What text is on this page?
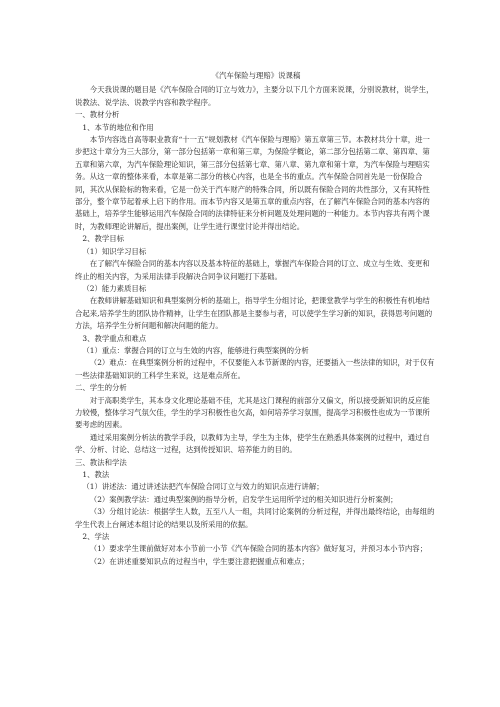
《汽车保险与理赔》说课稿

今天我说课的题目是《汽车保险合同的订立与效力》，主要分以下几个方面来说课，分别说教材，说学生，说教法、说学法、说教学内容和教学程序。

一、教材分析

1、本节的地位和作用

本节内容选自高等职业教育“十一五”规划教材《汽车保险与理赔》第五章第三节。本教材共分十章，进一步把这十章分为三大部分，第一部分包括第一章和第三章，为保险学概论，第二部分包括第二章、第四章、第五章和第六章，为汽车保险理论知识，第三部分包括第七章、第八章、第九章和第十章，为汽车保险与理赔实务。从这一章的整体来看，本章是第二部分的核心内容，也是全书的重点。汽车保险合同首先是一份保险合同，其次从保险标的物来看，它是一份关于汽车财产的特殊合同，所以既有保险合同的共性部分，又有其特性部分，整个章节起着承上启下的作用。而本节内容又是第五章的重点内容，在了解汽车保险合同的基本内容的基础上，培养学生能够运用汽车保险合同的法律特征来分析问题及处理问题的一种能力。本节内容共有两个课时，为教师理论讲解后，提出案例，让学生进行课堂讨论并得出结论。

2、教学目标

（1）知识学习目标

在了解汽车保险合同的基本内容以及基本特征的基础上，掌握汽车保险合同的订立、成立与生效、变更和终止的相关内容，为采用法律手段解决合同争议问题打下基础。

（2）能力素质目标

在教师讲解基础知识和典型案例分析的基础上，指导学生分组讨论，把课堂教学与学生的积极性有机地结合起来,培养学生的团队协作精神，让学生在团队都是主要参与者，可以使学生学习新的知识，获得思考问题的方法，培养学生分析问题和解决问题的能力。

3、教学重点和难点

（1）重点：掌握合同的订立与生效的内容，能够进行典型案例的分析

（2）难点：在典型案例分析的过程中，不仅要能入本节新课的内容，还要插入一些法律的知识，对于仅有一些法律基础知识的工科学生来说，这是难点所在。

二、学生的分析

对于高职类学生，其本身文化理论基础不佳，尤其是这门课程的前部分又偏文，所以接受新知识的反应能力较慢，整体学习气氛欠佳，学生的学习积极性也欠高，如何培养学习氛围，提高学习积极性也成为一节课所要考虑的因素。

通过采用案例分析法的教学手段，以教师为主导，学生为主体，使学生在熟悉具体案例的过程中，通过自学、分析、讨论、总结这一过程，达到传授知识、培养能力的目的。

三、教法和学法

1、教法

（1）讲述法：通过讲述法把汽车保险合同订立与效力的知识点进行讲解；

（2）案例教学法：通过典型案例的指导分析，启发学生运用所学过的相关知识进行分析案例；

（3）分组讨论法：根据学生人数，五至八人一组，共同讨论案例的分析过程，并得出最终结论，由每组的学生代表上台阐述本组讨论的结果以及所采用的依据。

2、学法

（1）要求学生课前做好对本小节前一小节《汽车保险合同的基本内容》做好复习，并预习本小节内容；

（2）在讲述重要知识点的过程当中，学生要注意把握重点和难点；
